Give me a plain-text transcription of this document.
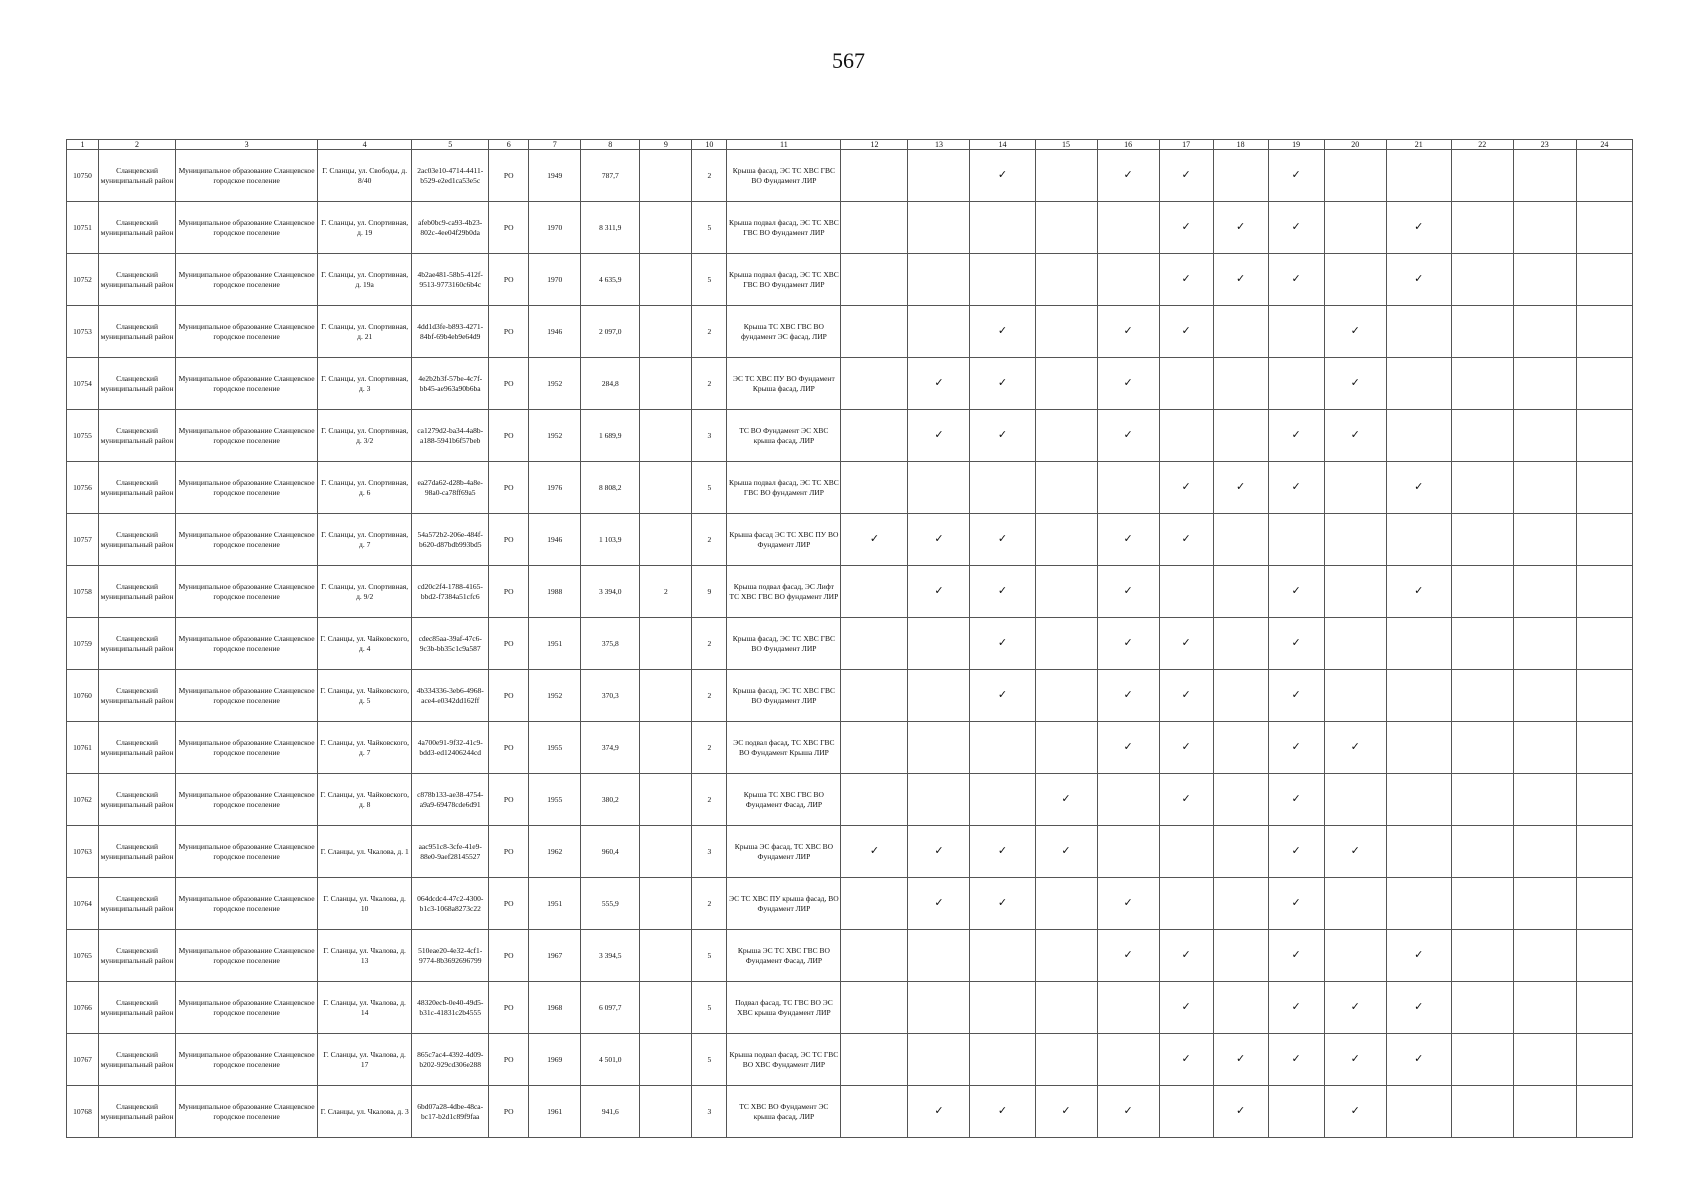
567
1	2	3	4	5	6	7	8	9	10	11	12	13	14	15	16	17	18	19	20	21	22	23	24
10750	Сланцевский муниципальный район	Муниципальное образование Сланцевское городское поселение	Г. Сланцы, ул. Свободы, д. 8/40	2ac03e10-4714-4411-b529-e2ed1ca53e5c	РО	1949	787,7		2	Крыша фасад, ЭС ТС ХВС ГВС ВО Фундамент ЛИР			✓		✓	✓		✓					
10751	Сланцевский муниципальный район	Муниципальное образование Сланцевское городское поселение	Г. Сланцы, ул. Спортивная, д. 19	afeb0bc9-ca93-4b23-802c-4ee04f29b0da	РО	1970	8 311,9		5	Крыша подвал фасад, ЭС ТС ХВС ГВС ВО Фундамент ЛИР						✓	✓	✓		✓			
10752	Сланцевский муниципальный район	Муниципальное образование Сланцевское городское поселение	Г. Сланцы, ул. Спортивная, д. 19а	4b2ae481-58b5-412f-9513-9773160c6b4c	РО	1970	4 635,9		5	Крыша подвал фасад, ЭС ТС ХВС ГВС ВО Фундамент ЛИР						✓	✓	✓		✓			
10753	Сланцевский муниципальный район	Муниципальное образование Сланцевское городское поселение	Г. Сланцы, ул. Спортивная, д. 21	4dd1d3fe-b893-4271-84bf-69b4eb9e64d9	РО	1946	2 097,0		2	Крыша ТС ХВС ГВС ВО фундамент ЭС фасад, ЛИР			✓		✓	✓			✓				
10754	Сланцевский муниципальный район	Муниципальное образование Сланцевское городское поселение	Г. Сланцы, ул. Спортивная, д. 3	4e2b2b3f-57be-4c7f-bb45-ae963a90b6ba	РО	1952	284,8		2	ЭС ТС ХВС ПУ ВО Фундамент Крыша фасад, ЛИР		✓	✓		✓				✓				
10755	Сланцевский муниципальный район	Муниципальное образование Сланцевское городское поселение	Г. Сланцы, ул. Спортивная, д. 3/2	ca1279d2-ba34-4a8b-a188-5941b6f57beb	РО	1952	1 689,9		3	ТС ВО Фундамент ЭС ХВС крыша фасад, ЛИР		✓	✓		✓			✓	✓				
10756	Сланцевский муниципальный район	Муниципальное образование Сланцевское городское поселение	Г. Сланцы, ул. Спортивная, д. 6	ea27da62-d28b-4a8e-98a0-ca78ff69a5	РО	1976	8 808,2		5	Крыша подвал фасад, ЭС ТС ХВС ГВС ВО фундамент ЛИР						✓	✓	✓		✓			
10757	Сланцевский муниципальный район	Муниципальное образование Сланцевское городское поселение	Г. Сланцы, ул. Спортивная, д. 7	54a572b2-206e-484f-b620-d87bdb993bd5	РО	1946	1 103,9		2	Крыша фасад ЭС ТС ХВС ПУ ВО Фундамент ЛИР	✓	✓	✓		✓	✓							
10758	Сланцевский муниципальный район	Муниципальное образование Сланцевское городское поселение	Г. Сланцы, ул. Спортивная, д. 9/2	cd20c2f4-1788-4165-bbd2-f7384a51cfc6	РО	1988	3 394,0	2	9	Крыша подвал фасад, ЭС Лифт ТС ХВС ГВС ВО фундамент ЛИР		✓	✓		✓			✓		✓			
10759	Сланцевский муниципальный район	Муниципальное образование Сланцевское городское поселение	Г. Сланцы, ул. Чайковского, д. 4	cdec85aa-39af-47c6-9c3b-bb35c1c9a587	РО	1951	375,8		2	Крыша фасад, ЭС ТС ХВС ГВС ВО Фундамент ЛИР			✓		✓	✓		✓					
10760	Сланцевский муниципальный район	Муниципальное образование Сланцевское городское поселение	Г. Сланцы, ул. Чайковского, д. 5	4b334336-3eb6-4968-ace4-e0342dd162ff	РО	1952	370,3		2	Крыша фасад, ЭС ТС ХВС ГВС ВО Фундамент ЛИР			✓		✓	✓		✓					
10761	Сланцевский муниципальный район	Муниципальное образование Сланцевское городское поселение	Г. Сланцы, ул. Чайковского, д. 7	4a700e91-9f32-41c9-bdd3-ed12406244cd	РО	1955	374,9		2	ЭС подвал фасад, ТС ХВС ГВС ВО Фундамент Крыша ЛИР					✓	✓		✓	✓				
10762	Сланцевский муниципальный район	Муниципальное образование Сланцевское городское поселение	Г. Сланцы, ул. Чайковского, д. 8	c878b133-ae38-4754-a9a9-69478cde6d91	РО	1955	380,2		2	Крыша ТС ХВС ГВС ВО Фундамент Фасад, ЛИР				✓		✓		✓					
10763	Сланцевский муниципальный район	Муниципальное образование Сланцевское городское поселение	Г. Сланцы, ул. Чкалова, д. 1	aac951c8-3cfe-41e9-88e0-9aef28145527	РО	1962	960,4		3	Крыша ЭС фасад, ТС ХВС ВО Фундамент ЛИР	✓	✓	✓	✓				✓	✓				
10764	Сланцевский муниципальный район	Муниципальное образование Сланцевское городское поселение	Г. Сланцы, ул. Чкалова, д. 10	064dcdc4-47c2-4300-b1c3-1068a8273c22	РО	1951	555,9		2	ЭС ТС ХВС ПУ крыша фасад, ВО Фундамент ЛИР		✓	✓		✓			✓					
10765	Сланцевский муниципальный район	Муниципальное образование Сланцевское городское поселение	Г. Сланцы, ул. Чкалова, д. 13	510eae20-4e32-4cf1-9774-8b3692696799	РО	1967	3 394,5		5	Крыша ЭС ТС ХВС ГВС ВО Фундамент Фасад, ЛИР					✓	✓		✓		✓			
10766	Сланцевский муниципальный район	Муниципальное образование Сланцевское городское поселение	Г. Сланцы, ул. Чкалова, д. 14	48320ecb-0e40-49d5-b31c-41831c2b4555	РО	1968	6 097,7		5	Подвал фасад, ТС ГВС ВО ЭС ХВС крыша Фундамент ЛИР						✓		✓	✓	✓			
10767	Сланцевский муниципальный район	Муниципальное образование Сланцевское городское поселение	Г. Сланцы, ул. Чкалова, д. 17	865c7ac4-4392-4d09-b202-929cd306e288	РО	1969	4 501,0		5	Крыша подвал фасад, ЭС ТС ГВС ВО ХВС Фундамент ЛИР						✓	✓	✓	✓	✓			
10768	Сланцевский муниципальный район	Муниципальное образование Сланцевское городское поселение	Г. Сланцы, ул. Чкалова, д. 3	6bd07a28-4dbe-48ca-bc17-b2d1c89f9faa	РО	1961	941,6		3	ТС ХВС ВО Фундамент ЭС крыша фасад, ЛИР		✓	✓	✓	✓		✓		✓				
